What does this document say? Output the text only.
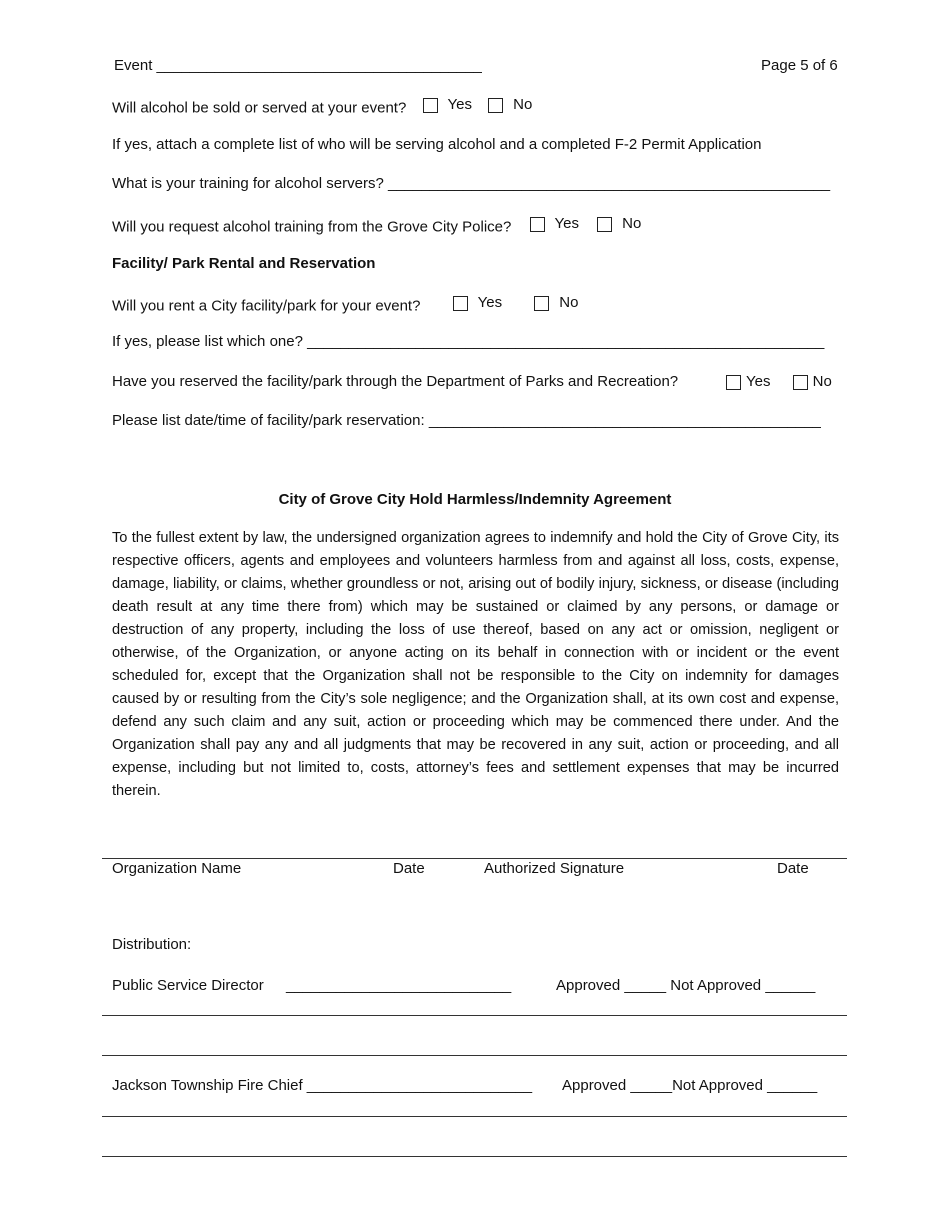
Event _______________________________________	Page 5 of 6
Will alcohol be sold or served at your event?	Yes
	No
If yes, attach a complete list of who will be serving alcohol and a completed F-2 Permit Application
What is your training for alcohol servers? _____________________________________________________
Will you request alcohol training from the Grove City Police?	Yes
	No
Facility/ Park Rental and Reservation
Will you rent a City facility/park for your event?	Yes
	No
If yes, please list which one? ______________________________________________________________
Have you reserved the facility/park through the Department of Parks and Recreation?	Yes
	No
Please list date/time of facility/park reservation: _______________________________________________
City of Grove City Hold Harmless/Indemnity Agreement
To the fullest extent by law, the undersigned organization agrees to indemnify and hold the City of Grove City, its respective officers, agents and employees and volunteers harmless from and against all loss, costs, expense, damage, liability, or claims, whether groundless or not, arising out of bodily injury, sickness, or disease (including death result at any time there from) which may be sustained or claimed by any persons, or damage or destruction of any property, including the loss of use thereof, based on any act or omission, negligent or otherwise, of the Organization, or anyone acting on its behalf in connection with or incident or the event scheduled for, except that the Organization shall not be responsible to the City on indemnity for damages caused by or resulting from the City’s sole negligence; and the Organization shall, at its own cost and expense, defend any such claim and any suit, action or proceeding which may be commenced there under. And the Organization shall pay any and all judgments that may be recovered in any suit, action or proceeding, and all expense, including but not limited to, costs, attorney’s fees and settlement expenses that may be incurred therein.
Organization Name	Date	Authorized Signature	Date
Distribution:
Public Service Director ___________________________	Approved _____ Not Approved ______
Jackson Township Fire Chief ___________________________ Approved _____Not Approved ______
